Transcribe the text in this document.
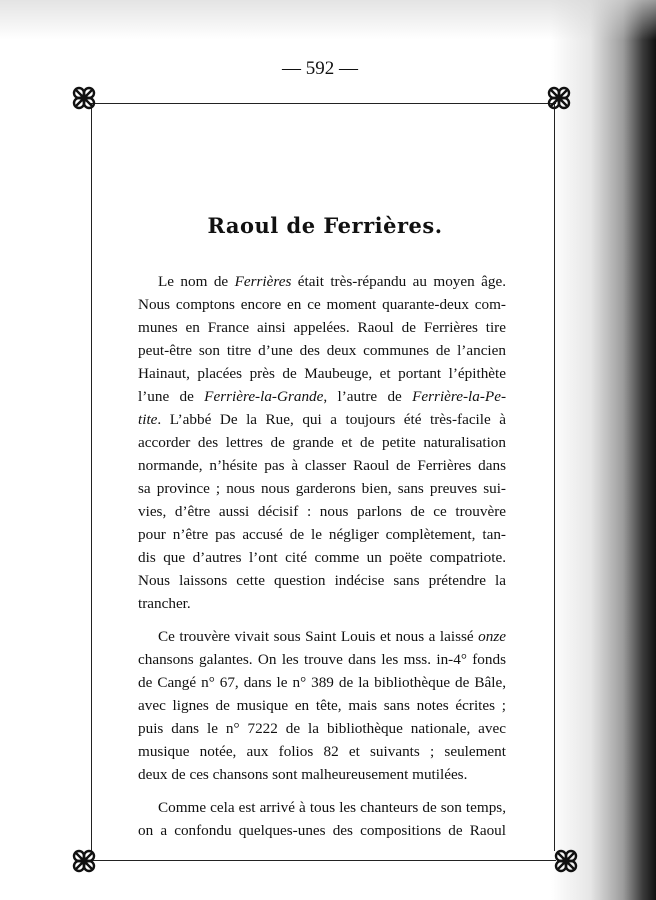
— 592 —
Raoul de Ferrières.
Le nom de Ferrières était très-répandu au moyen âge.
Nous comptons encore en ce moment quarante-deux com-
munes en France ainsi appelées. Raoul de Ferrières tire
peut-être son titre d’une des deux communes de l’ancien
Hainaut, placées près de Maubeuge, et portant l’épithète
l’une de Ferrière-la-Grande, l’autre de Ferrière-la-Pe-
tite. L’abbé De la Rue, qui a toujours été très-facile à
accorder des lettres de grande et de petite naturalisation
normande, n’hésite pas à classer Raoul de Ferrières dans
sa province ; nous nous garderons bien, sans preuves sui-
vies, d’être aussi décisif : nous parlons de ce trouvère
pour n’être pas accusé de le négliger complètement, tan-
dis que d’autres l’ont cité comme un poëte compatriote.
Nous laissons cette question indécise sans prétendre la
trancher.
Ce trouvère vivait sous Saint Louis et nous a laissé onze
chansons galantes. On les trouve dans les mss. in-4° fonds
de Cangé n° 67, dans le n° 389 de la bibliothèque de Bâle,
avec lignes de musique en tête, mais sans notes écrites ;
puis dans le n° 7222 de la bibliothèque nationale, avec
musique notée, aux folios 82 et suivants ; seulement
deux de ces chansons sont malheureusement mutilées.
Comme cela est arrivé à tous les chanteurs de son temps,
on a confondu quelques-unes des compositions de Raoul
